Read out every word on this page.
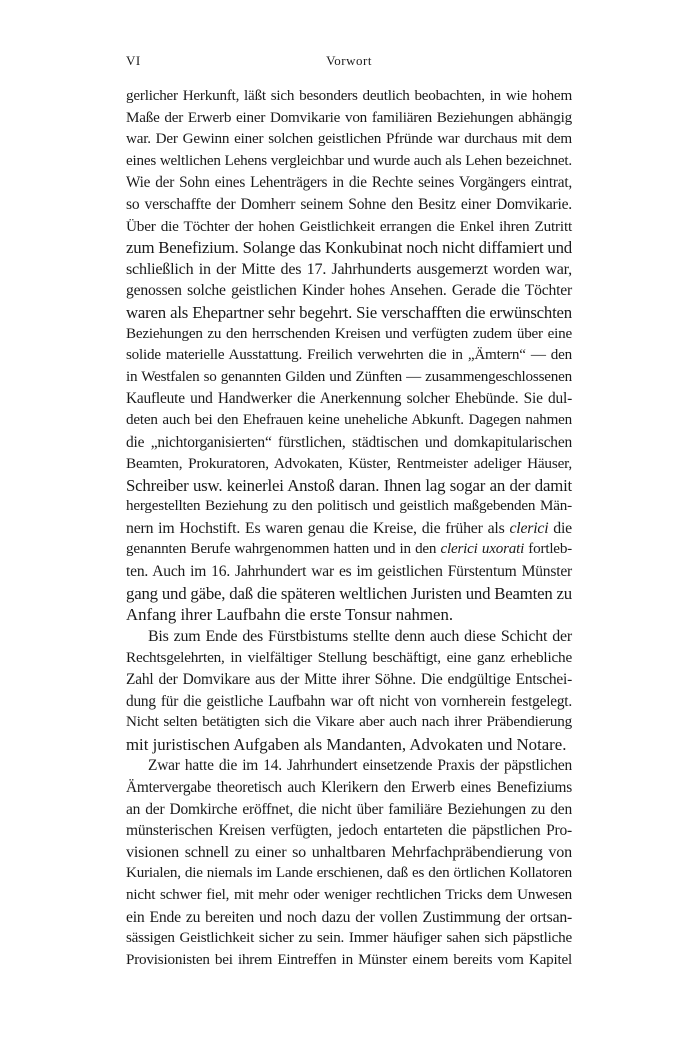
VI	Vorwort

gerlicher Herkunft, läßt sich besonders deutlich beobachten, in wie hohem
Maße der Erwerb einer Domvikarie von familiären Beziehungen abhängig
war. Der Gewinn einer solchen geistlichen Pfründe war durchaus mit dem
eines weltlichen Lehens vergleichbar und wurde auch als Lehen bezeichnet.
Wie der Sohn eines Lehenträgers in die Rechte seines Vorgängers eintrat,
so verschaffte der Domherr seinem Sohne den Besitz einer Domvikarie.
Über die Töchter der hohen Geistlichkeit errangen die Enkel ihren Zutritt
zum Benefizium. Solange das Konkubinat noch nicht diffamiert und
schließlich in der Mitte des 17. Jahrhunderts ausgemerzt worden war,
genossen solche geistlichen Kinder hohes Ansehen. Gerade die Töchter
waren als Ehepartner sehr begehrt. Sie verschafften die erwünschten
Beziehungen zu den herrschenden Kreisen und verfügten zudem über eine
solide materielle Ausstattung. Freilich verwehrten die in „Ämtern“ — den
in Westfalen so genannten Gilden und Zünften — zusammengeschlossenen
Kaufleute und Handwerker die Anerkennung solcher Ehebünde. Sie dul-
deten auch bei den Ehefrauen keine uneheliche Abkunft. Dagegen nahmen
die „nichtorganisierten“ fürstlichen, städtischen und domkapitularischen
Beamten, Prokuratoren, Advokaten, Küster, Rentmeister adeliger Häuser,
Schreiber usw. keinerlei Anstoß daran. Ihnen lag sogar an der damit
hergestellten Beziehung zu den politisch und geistlich maßgebenden Män-
nern im Hochstift. Es waren genau die Kreise, die früher als clerici die
genannten Berufe wahrgenommen hatten und in den clerici uxorati fortleb-
ten. Auch im 16. Jahrhundert war es im geistlichen Fürstentum Münster
gang und gäbe, daß die späteren weltlichen Juristen und Beamten zu
Anfang ihrer Laufbahn die erste Tonsur nahmen.

Bis zum Ende des Fürstbistums stellte denn auch diese Schicht der
Rechtsgelehrten, in vielfältiger Stellung beschäftigt, eine ganz erhebliche
Zahl der Domvikare aus der Mitte ihrer Söhne. Die endgültige Entschei-
dung für die geistliche Laufbahn war oft nicht von vornherein festgelegt.
Nicht selten betätigten sich die Vikare aber auch nach ihrer Präbendierung
mit juristischen Aufgaben als Mandanten, Advokaten und Notare.

Zwar hatte die im 14. Jahrhundert einsetzende Praxis der päpstlichen
Ämtervergabe theoretisch auch Klerikern den Erwerb eines Benefiziums
an der Domkirche eröffnet, die nicht über familiäre Beziehungen zu den
münsterischen Kreisen verfügten, jedoch entarteten die päpstlichen Pro-
visionen schnell zu einer so unhaltbaren Mehrfachpräbendierung von
Kurialen, die niemals im Lande erschienen, daß es den örtlichen Kollatoren
nicht schwer fiel, mit mehr oder weniger rechtlichen Tricks dem Unwesen
ein Ende zu bereiten und noch dazu der vollen Zustimmung der ortsan-
sässigen Geistlichkeit sicher zu sein. Immer häufiger sahen sich päpstliche
Provisionisten bei ihrem Eintreffen in Münster einem bereits vom Kapitel
